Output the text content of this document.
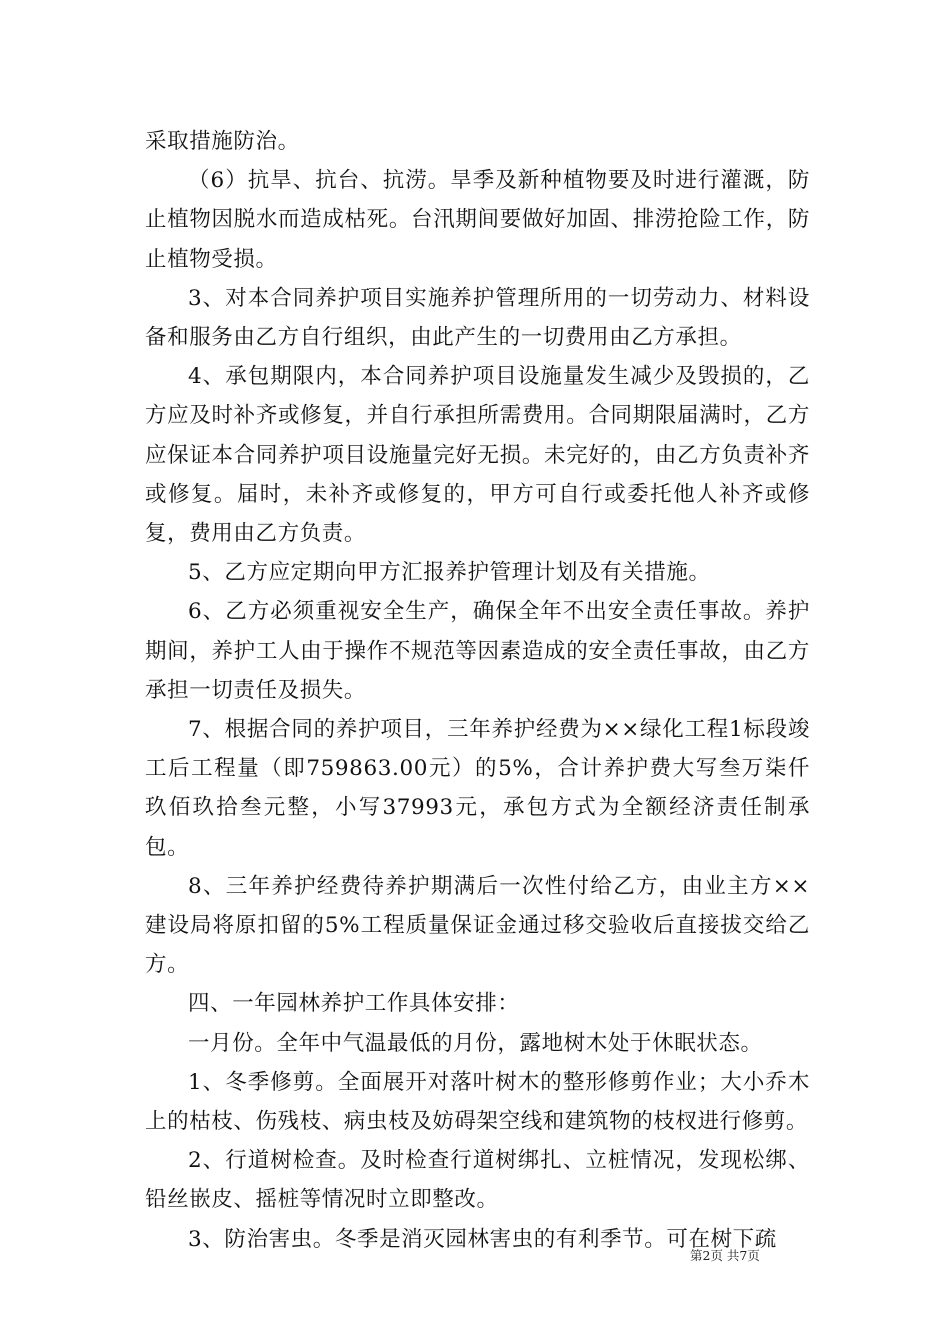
采取措施防治。

（6）抗旱、抗台、抗涝。旱季及新种植物要及时进行灌溉，防止植物因脱水而造成枯死。台汛期间要做好加固、排涝抢险工作，防止植物受损。

3、对本合同养护项目实施养护管理所用的一切劳动力、材料设备和服务由乙方自行组织，由此产生的一切费用由乙方承担。

4、承包期限内，本合同养护项目设施量发生减少及毁损的，乙方应及时补齐或修复，并自行承担所需费用。合同期限届满时，乙方应保证本合同养护项目设施量完好无损。未完好的，由乙方负责补齐或修复。届时，未补齐或修复的，甲方可自行或委托他人补齐或修复，费用由乙方负责。

5、乙方应定期向甲方汇报养护管理计划及有关措施。

6、乙方必须重视安全生产，确保全年不出安全责任事故。养护期间，养护工人由于操作不规范等因素造成的安全责任事故，由乙方承担一切责任及损失。

7、根据合同的养护项目，三年养护经费为××绿化工程1标段竣工后工程量（即759863.00元）的5%，合计养护费大写叁万柒仟玖佰玖拾叁元整，小写37993元，承包方式为全额经济责任制承包。

8、三年养护经费待养护期满后一次性付给乙方，由业主方××建设局将原扣留的5%工程质量保证金通过移交验收后直接拔交给乙方。

四、一年园林养护工作具体安排：

一月份。全年中气温最低的月份，露地树木处于休眠状态。

1、冬季修剪。全面展开对落叶树木的整形修剪作业；大小乔木上的枯枝、伤残枝、病虫枝及妨碍架空线和建筑物的枝杈进行修剪。

2、行道树检查。及时检查行道树绑扎、立桩情况，发现松绑、铅丝嵌皮、摇桩等情况时立即整改。

3、防治害虫。冬季是消灭园林害虫的有利季节。可在树下疏

第2页 共7页
